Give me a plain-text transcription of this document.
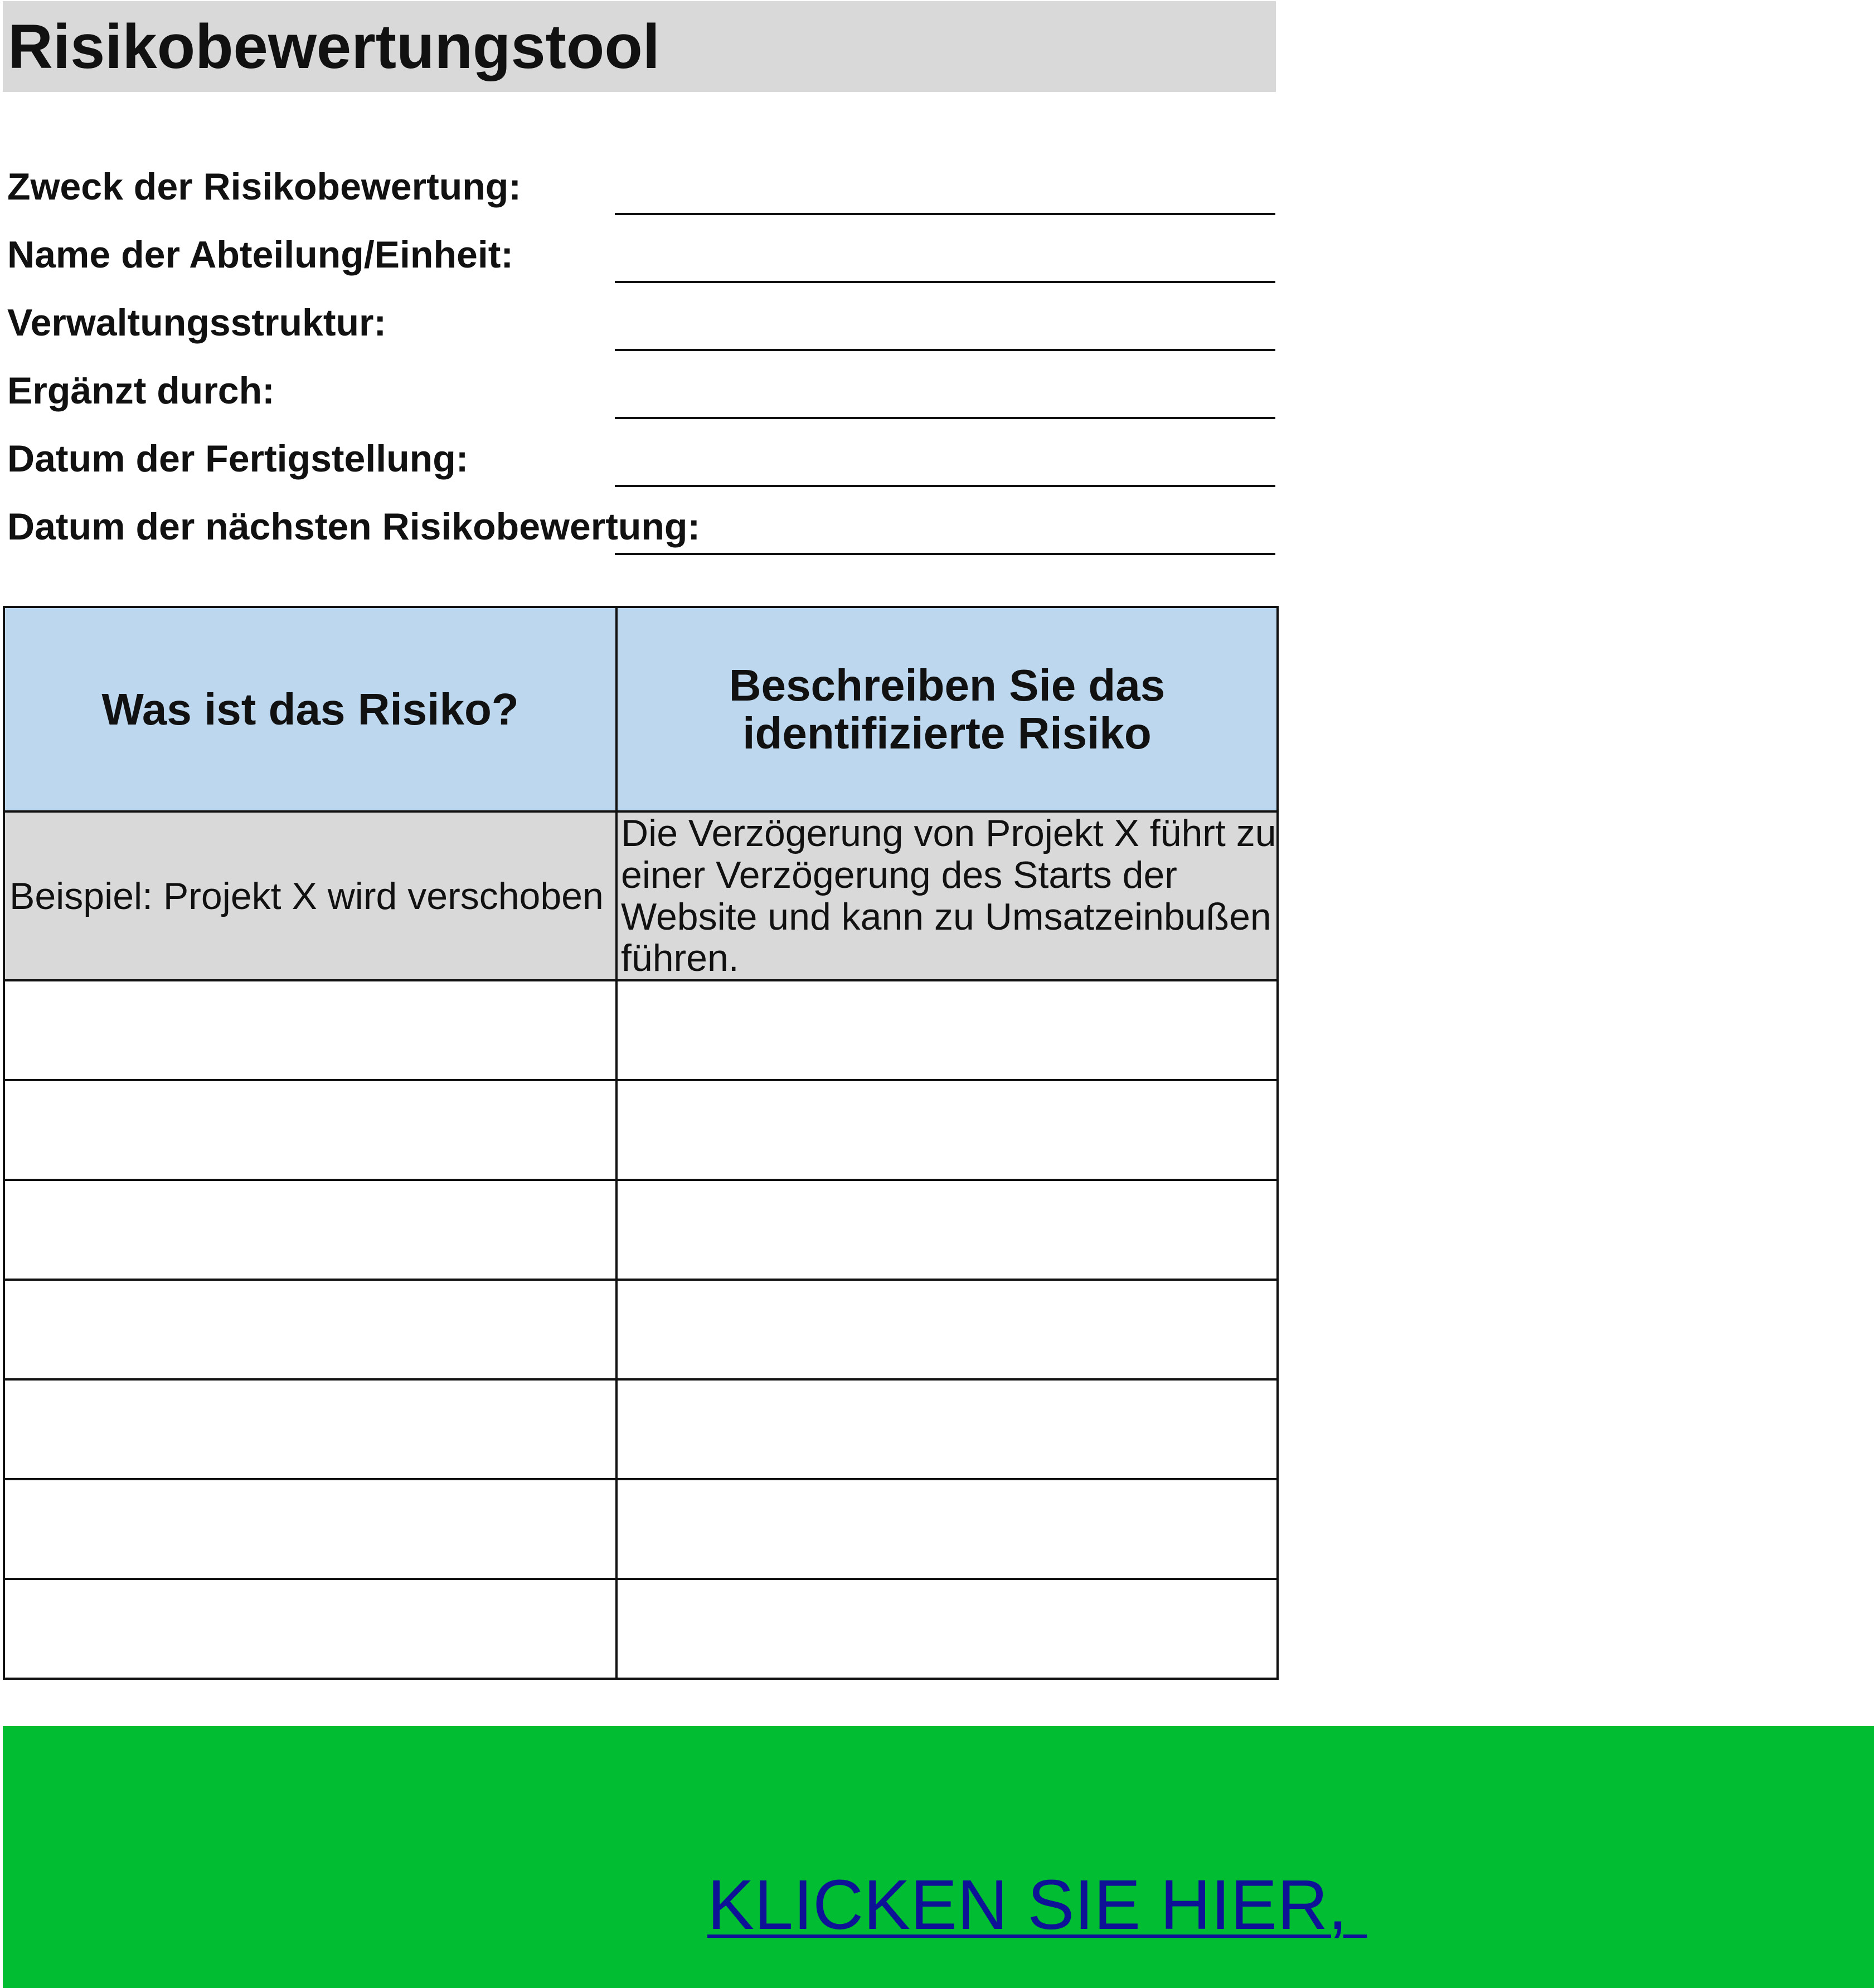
Risikobewertungstool
Zweck der Risikobewertung:
Name der Abteilung/Einheit:
Verwaltungsstruktur:
Ergänzt durch:
Datum der Fertigstellung:
Datum der nächsten Risikobewertung:
Was ist das Risiko?	Beschreiben Sie das identifizierte Risiko
Beispiel: Projekt X wird verschoben	Die Verzögerung von Projekt X führt zu einer Verzögerung des Starts der Website und kann zu Umsatzeinbußen führen.

KLICKEN SIE HIER,
